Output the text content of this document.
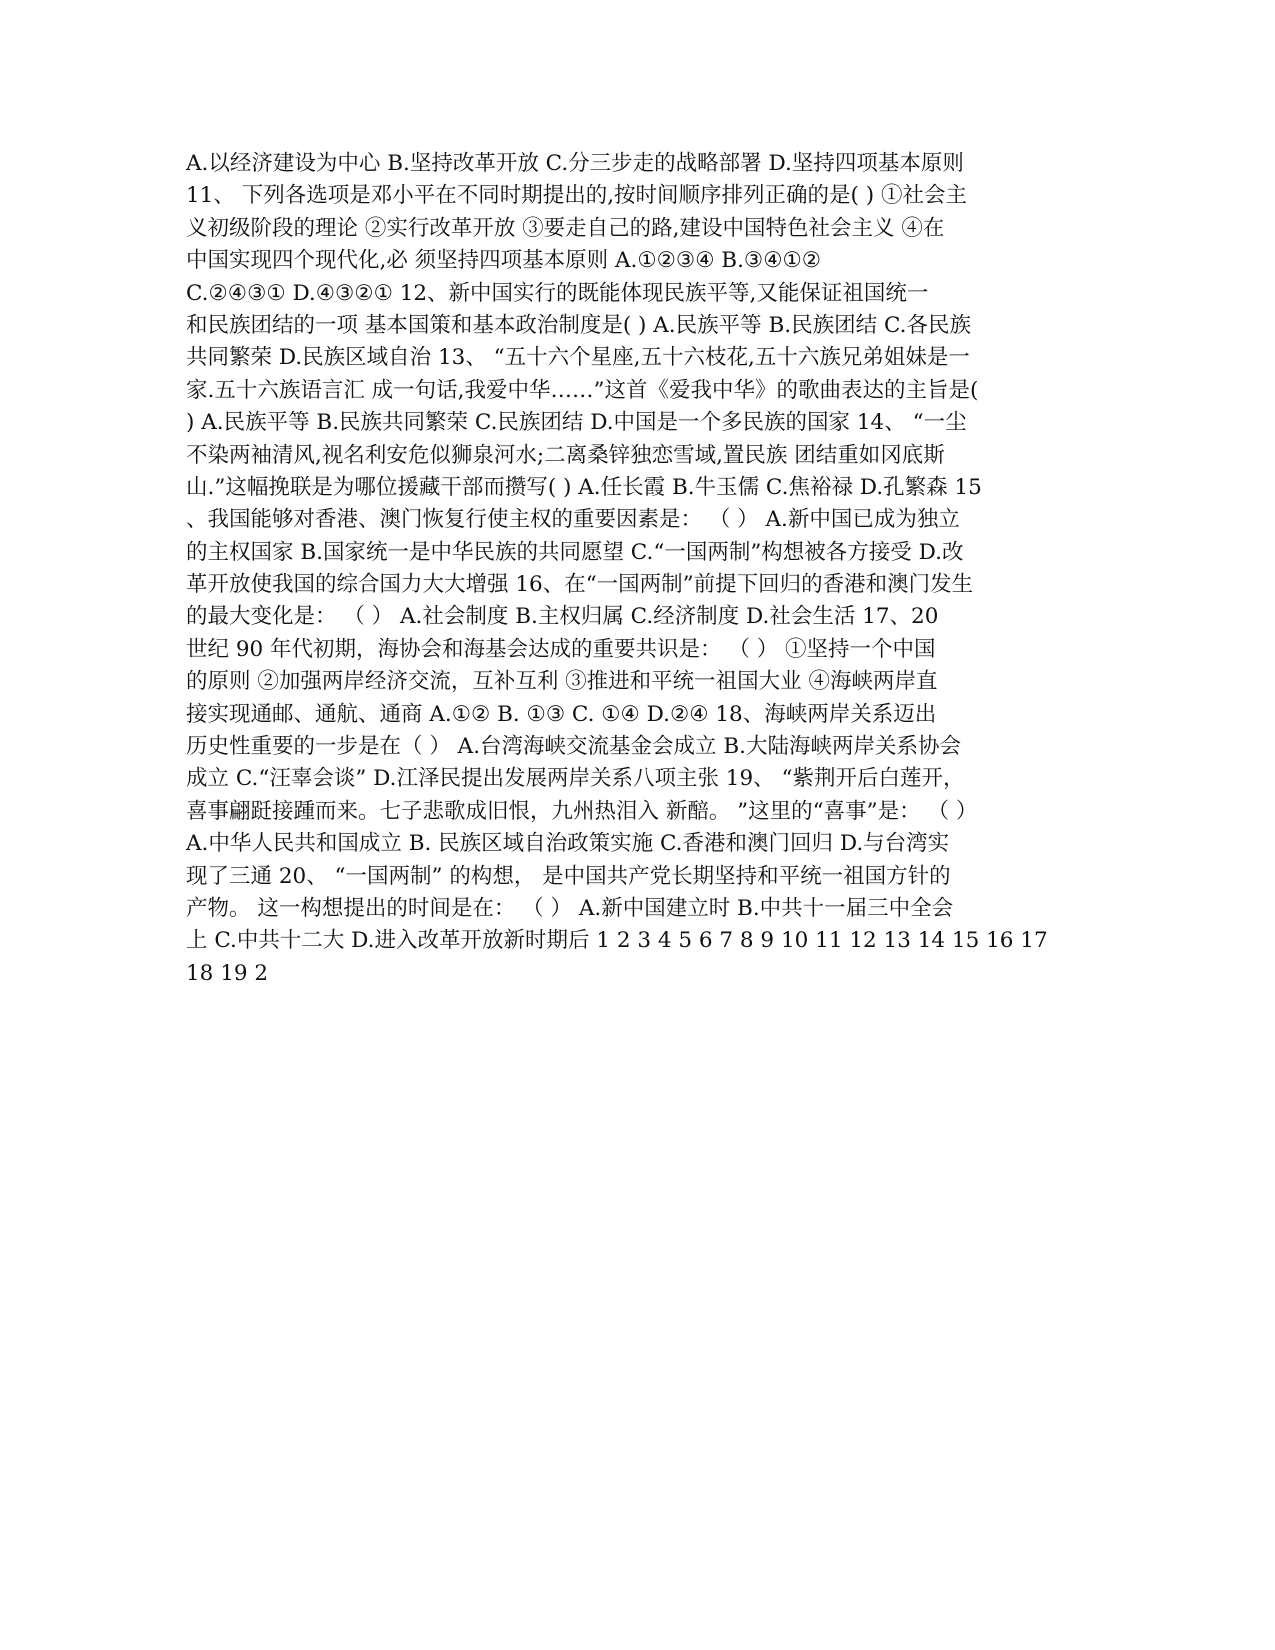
A.以经济建设为中心 B.坚持改革开放 C.分三步走的战略部署 D.坚持四项基本原则
11、 下列各选项是邓小平在不同时期提出的,按时间顺序排列正确的是( ) ①社会主
义初级阶段的理论 ②实行改革开放 ③要走自己的路,建设中国特色社会主义 ④在
中国实现四个现代化,必 须坚持四项基本原则 A.①②③④ B.③④①②
C.②④③① D.④③②① 12、新中国实行的既能体现民族平等,又能保证祖国统一
和民族团结的一项 基本国策和基本政治制度是( ) A.民族平等 B.民族团结 C.各民族
共同繁荣 D.民族区域自治 13、 “五十六个星座,五十六枝花,五十六族兄弟姐妹是一
家.五十六族语言汇 成一句话,我爱中华……”这首《爱我中华》的歌曲表达的主旨是(
) A.民族平等 B.民族共同繁荣 C.民族团结 D.中国是一个多民族的国家 14、 “一尘
不染两袖清风,视名利安危似狮泉河水;二离桑锌独恋雪域,置民族 团结重如冈底斯
山.”这幅挽联是为哪位援藏干部而攒写( ) A.任长霞 B.牛玉儒 C.焦裕禄 D.孔繁森 15
、我国能够对香港、澳门恢复行使主权的重要因素是： （ ） A.新中国已成为独立
的主权国家 B.国家统一是中华民族的共同愿望 C.“一国两制”构想被各方接受 D.改
革开放使我国的综合国力大大增强 16、在“一国两制”前提下回归的香港和澳门发生
的最大变化是： （ ） A.社会制度 B.主权归属 C.经济制度 D.社会生活 17、20
世纪 90 年代初期，海协会和海基会达成的重要共识是： （ ） ①坚持一个中国
的原则 ②加强两岸经济交流，互补互利 ③推进和平统一祖国大业 ④海峡两岸直
接实现通邮、通航、通商 A.①② B. ①③ C. ①④ D.②④ 18、海峡两岸关系迈出
历史性重要的一步是在（ ） A.台湾海峡交流基金会成立 B.大陆海峡两岸关系协会
成立 C.“汪辜会谈” D.江泽民提出发展两岸关系八项主张 19、 “紫荆开后白莲开，
喜事翩跹接踵而来。七子悲歌成旧恨，九州热泪入 新醅。 ”这里的“喜事”是： （ ）
A.中华人民共和国成立 B. 民族区域自治政策实施 C.香港和澳门回归 D.与台湾实
现了三通 20、 “一国两制” 的构想， 是中国共产党长期坚持和平统一祖国方针的
产物。 这一构想提出的时间是在： （ ） A.新中国建立时 B.中共十一届三中全会
上 C.中共十二大 D.进入改革开放新时期后 1 2 3 4 5 6 7 8 9 10 11 12 13 14 15 16 17
18 19 2
